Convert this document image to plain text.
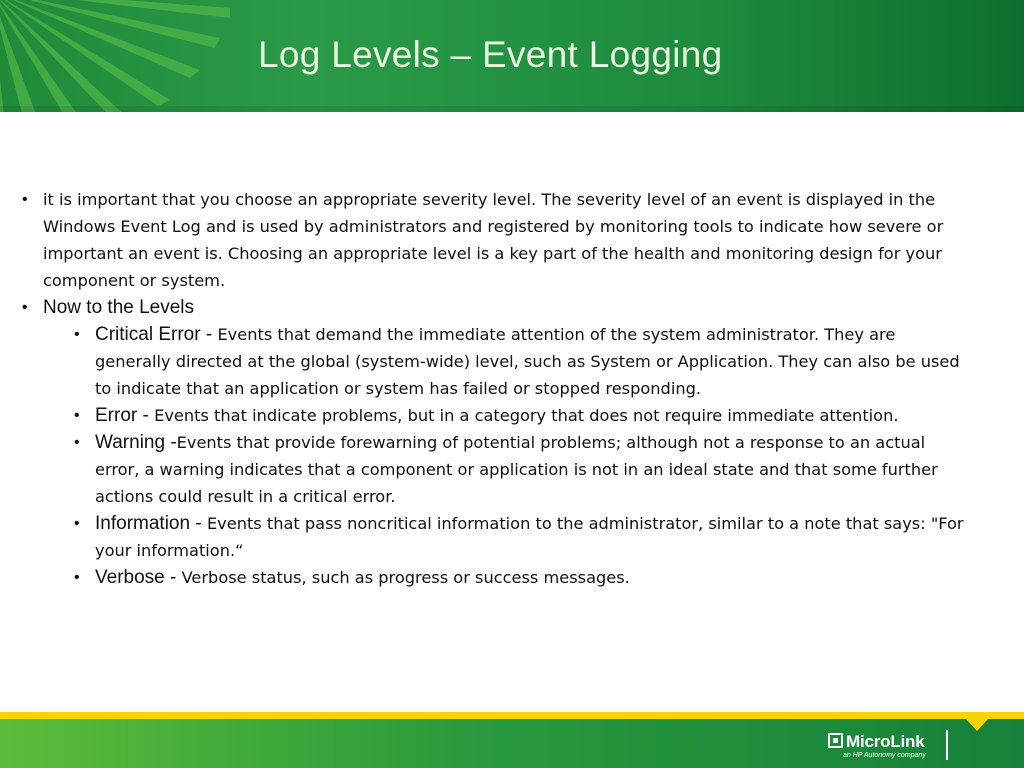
Log Levels – Event Logging
• it is important that you choose an appropriate severity level. The severity level of an event is displayed in the Windows Event Log and is used by administrators and registered by monitoring tools to indicate how severe or important an event is. Choosing an appropriate level is a key part of the health and monitoring design for your component or system.
• Now to the Levels
• Critical Error - Events that demand the immediate attention of the system administrator. They are generally directed at the global (system-wide) level, such as System or Application. They can also be used to indicate that an application or system has failed or stopped responding.
• Error - Events that indicate problems, but in a category that does not require immediate attention.
• Warning -Events that provide forewarning of potential problems; although not a response to an actual error, a warning indicates that a component or application is not in an ideal state and that some further actions could result in a critical error.
• Information - Events that pass noncritical information to the administrator, similar to a note that says: "For your information.“
• Verbose - Verbose status, such as progress or success messages.
MicroLink
an HP Autonomy company
